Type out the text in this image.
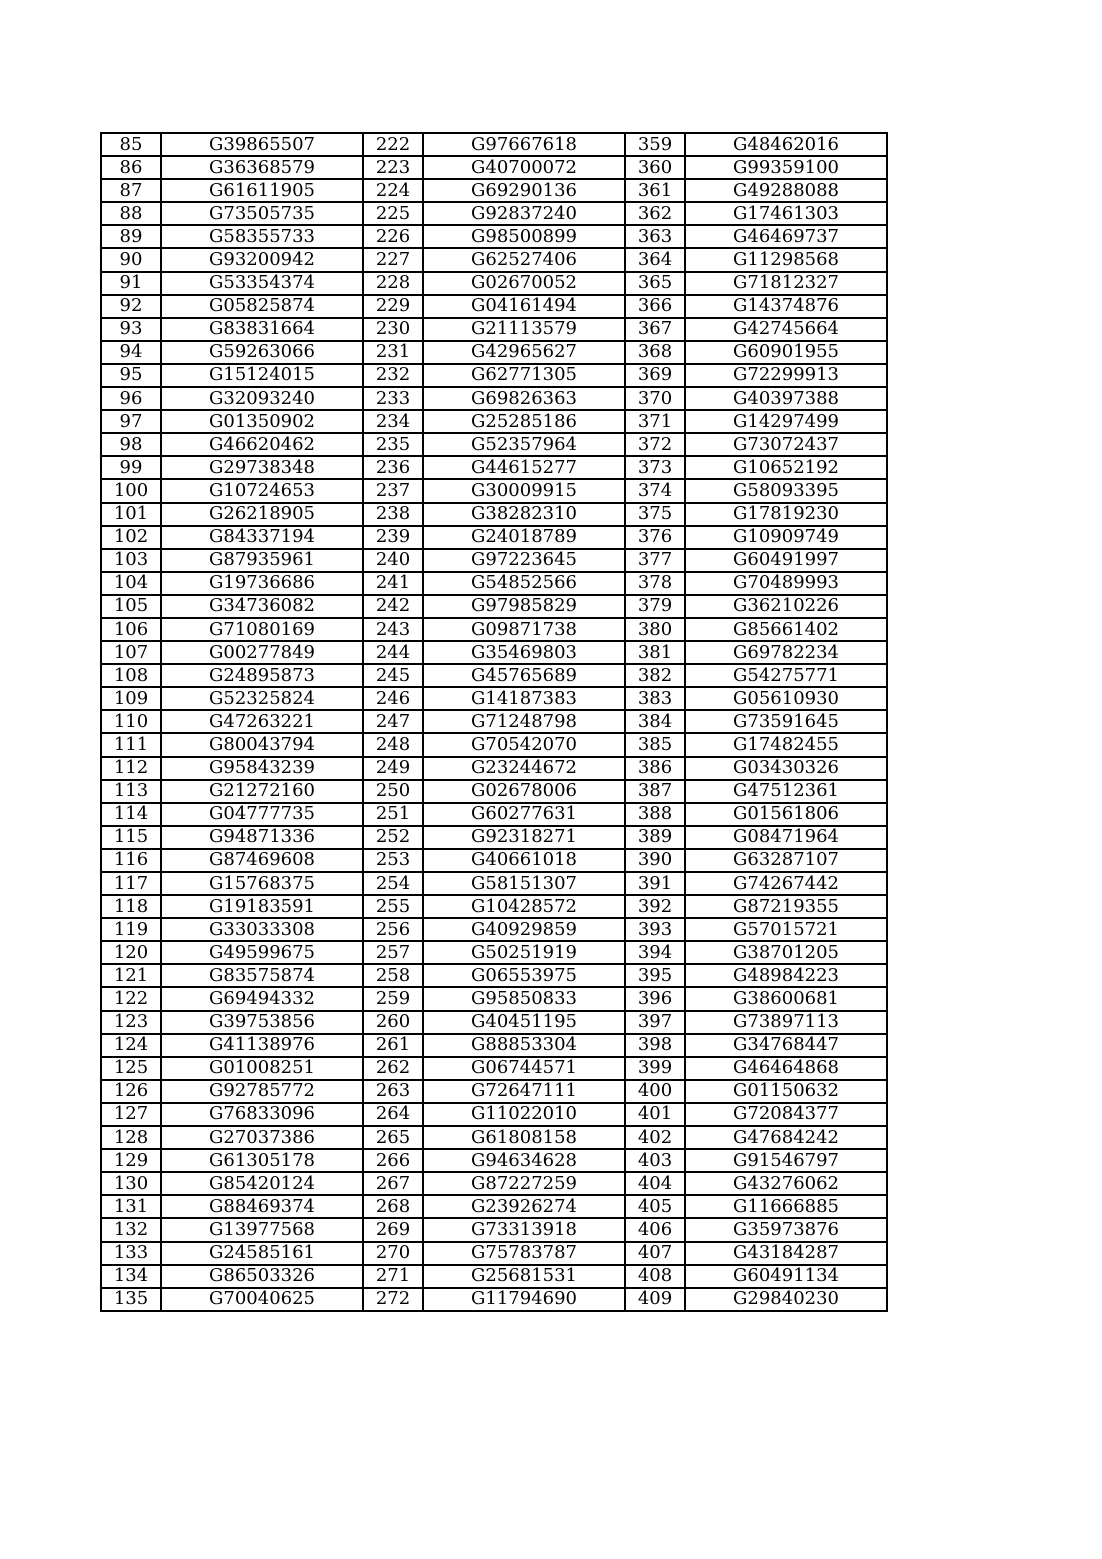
85	G39865507	222	G97667618	359	G48462016
86	G36368579	223	G40700072	360	G99359100
87	G61611905	224	G69290136	361	G49288088
88	G73505735	225	G92837240	362	G17461303
89	G58355733	226	G98500899	363	G46469737
90	G93200942	227	G62527406	364	G11298568
91	G53354374	228	G02670052	365	G71812327
92	G05825874	229	G04161494	366	G14374876
93	G83831664	230	G21113579	367	G42745664
94	G59263066	231	G42965627	368	G60901955
95	G15124015	232	G62771305	369	G72299913
96	G32093240	233	G69826363	370	G40397388
97	G01350902	234	G25285186	371	G14297499
98	G46620462	235	G52357964	372	G73072437
99	G29738348	236	G44615277	373	G10652192
100	G10724653	237	G30009915	374	G58093395
101	G26218905	238	G38282310	375	G17819230
102	G84337194	239	G24018789	376	G10909749
103	G87935961	240	G97223645	377	G60491997
104	G19736686	241	G54852566	378	G70489993
105	G34736082	242	G97985829	379	G36210226
106	G71080169	243	G09871738	380	G85661402
107	G00277849	244	G35469803	381	G69782234
108	G24895873	245	G45765689	382	G54275771
109	G52325824	246	G14187383	383	G05610930
110	G47263221	247	G71248798	384	G73591645
111	G80043794	248	G70542070	385	G17482455
112	G95843239	249	G23244672	386	G03430326
113	G21272160	250	G02678006	387	G47512361
114	G04777735	251	G60277631	388	G01561806
115	G94871336	252	G92318271	389	G08471964
116	G87469608	253	G40661018	390	G63287107
117	G15768375	254	G58151307	391	G74267442
118	G19183591	255	G10428572	392	G87219355
119	G33033308	256	G40929859	393	G57015721
120	G49599675	257	G50251919	394	G38701205
121	G83575874	258	G06553975	395	G48984223
122	G69494332	259	G95850833	396	G38600681
123	G39753856	260	G40451195	397	G73897113
124	G41138976	261	G88853304	398	G34768447
125	G01008251	262	G06744571	399	G46464868
126	G92785772	263	G72647111	400	G01150632
127	G76833096	264	G11022010	401	G72084377
128	G27037386	265	G61808158	402	G47684242
129	G61305178	266	G94634628	403	G91546797
130	G85420124	267	G87227259	404	G43276062
131	G88469374	268	G23926274	405	G11666885
132	G13977568	269	G73313918	406	G35973876
133	G24585161	270	G75783787	407	G43184287
134	G86503326	271	G25681531	408	G60491134
135	G70040625	272	G11794690	409	G29840230
